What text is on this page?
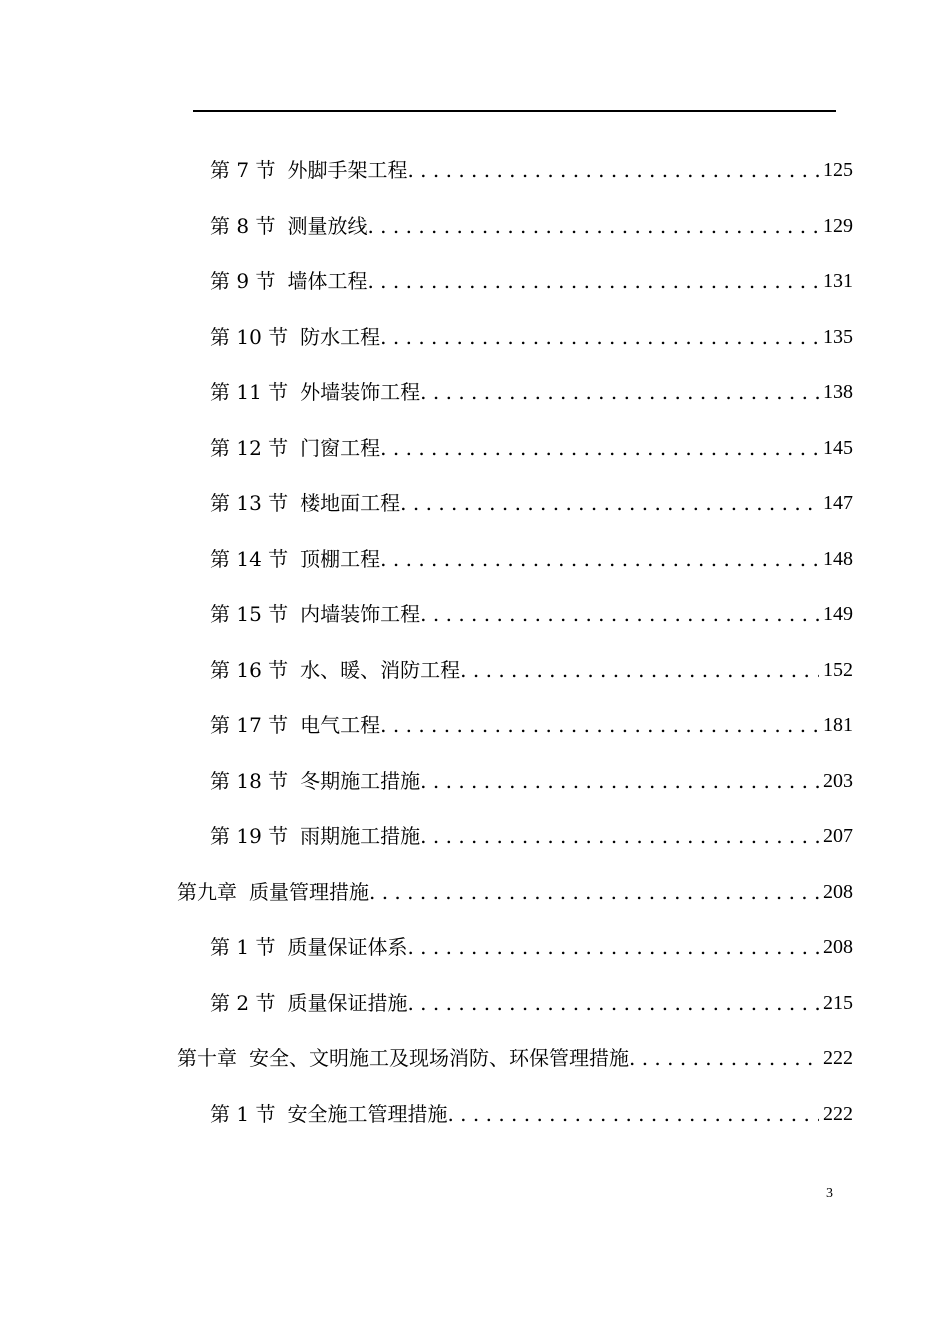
第 7 节 外脚手架工程 . . .	125
第 8 节 测量放线 . . .	129
第 9 节 墙体工程 . . .	131
第 10 节 防水工程 . . .	135
第 11 节 外墙装饰工程 . . .	138
第 12 节 门窗工程 . . .	145
第 13 节 楼地面工程 . . .	147
第 14 节 顶棚工程 . . .	148
第 15 节 内墙装饰工程 . . .	149
第 16 节 水、暖、消防工程 . . .	152
第 17 节 电气工程 . . .	181
第 18 节 冬期施工措施 . . .	203
第 19 节 雨期施工措施 . . .	207
第九章 质量管理措施 . . .	208
第 1 节 质量保证体系 . . .	208
第 2 节 质量保证措施 . . .	215
第十章 安全、文明施工及现场消防、环保管理措施 . . .	222
第 1 节 安全施工管理措施 . . .	222
3
